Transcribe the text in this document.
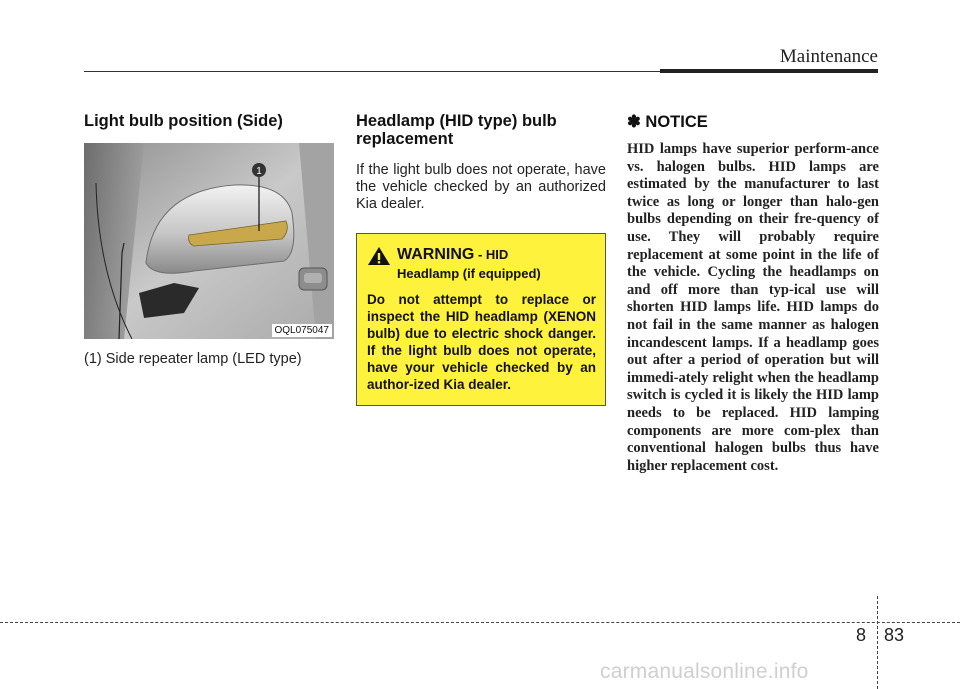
Maintenance
Light bulb position (Side)
1
OQL075047
(1) Side repeater lamp (LED type)
Headlamp (HID type) bulb replacement

If the light bulb does not operate, have the vehicle checked by an authorized Kia dealer.

WARNING - HID
Headlamp (if equipped)
Do not attempt to replace or inspect the HID headlamp (XENON bulb) due to electric shock danger. If the light bulb does not operate, have your vehicle checked by an author-ized Kia dealer.
✽ NOTICE
HID lamps have superior perform-ance vs. halogen bulbs. HID lamps are estimated by the manufacturer to last twice as long or longer than halo-gen bulbs depending on their fre-quency of use. They will probably require replacement at some point in the life of the vehicle. Cycling the headlamps on and off more than typ-ical use will shorten HID lamps life. HID lamps do not fail in the same manner as halogen incandescent lamps. If a headlamp goes out after a period of operation but will immedi-ately relight when the headlamp switch is cycled it is likely the HID lamp needs to be replaced. HID lamping components are more com-plex than conventional halogen bulbs thus have higher replacement cost.
8 83
carmanualsonline.info
